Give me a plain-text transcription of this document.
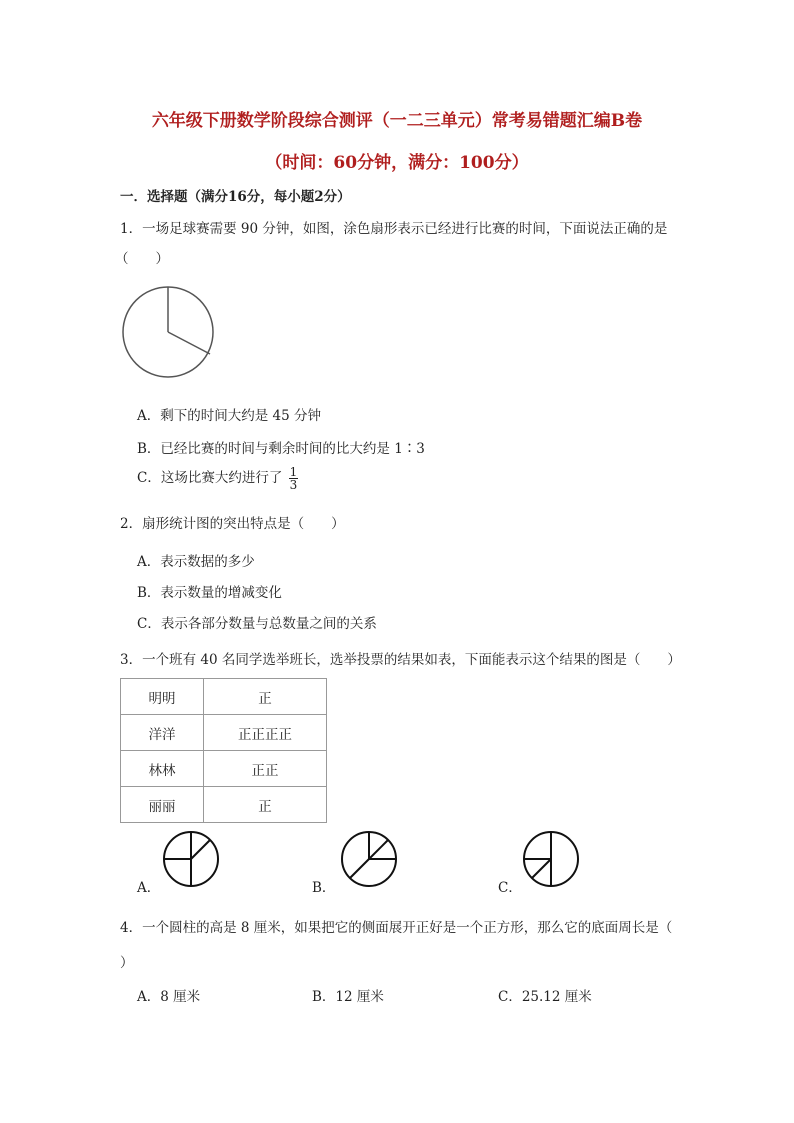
六年级下册数学阶段综合测评（一二三单元）常考易错题汇编B卷
（时间：60分钟，满分：100分）
一．选择题（满分16分，每小题2分）
1．一场足球赛需要 90 分钟，如图，涂色扇形表示已经进行比赛的时间，下面说法正确的是
（　　）
A．剩下的时间大约是 45 分钟
B．已经比赛的时间与剩余时间的比大约是 1∶3
C．这场比赛大约进行了 $\frac{1}{3}$
2．扇形统计图的突出特点是（　　）
A．表示数据的多少
B．表示数量的增减变化
C．表示各部分数量与总数量之间的关系
3．一个班有 40 名同学选举班长，选举投票的结果如表，下面能表示这个结果的图是（　　）
明明	正
洋洋	正正正正
林林	正正
丽丽	正
A．	B．	C．
4．一个圆柱的高是 8 厘米，如果把它的侧面展开正好是一个正方形，那么它的底面周长是（
）
A．8 厘米	B．12 厘米	C．25.12 厘米
